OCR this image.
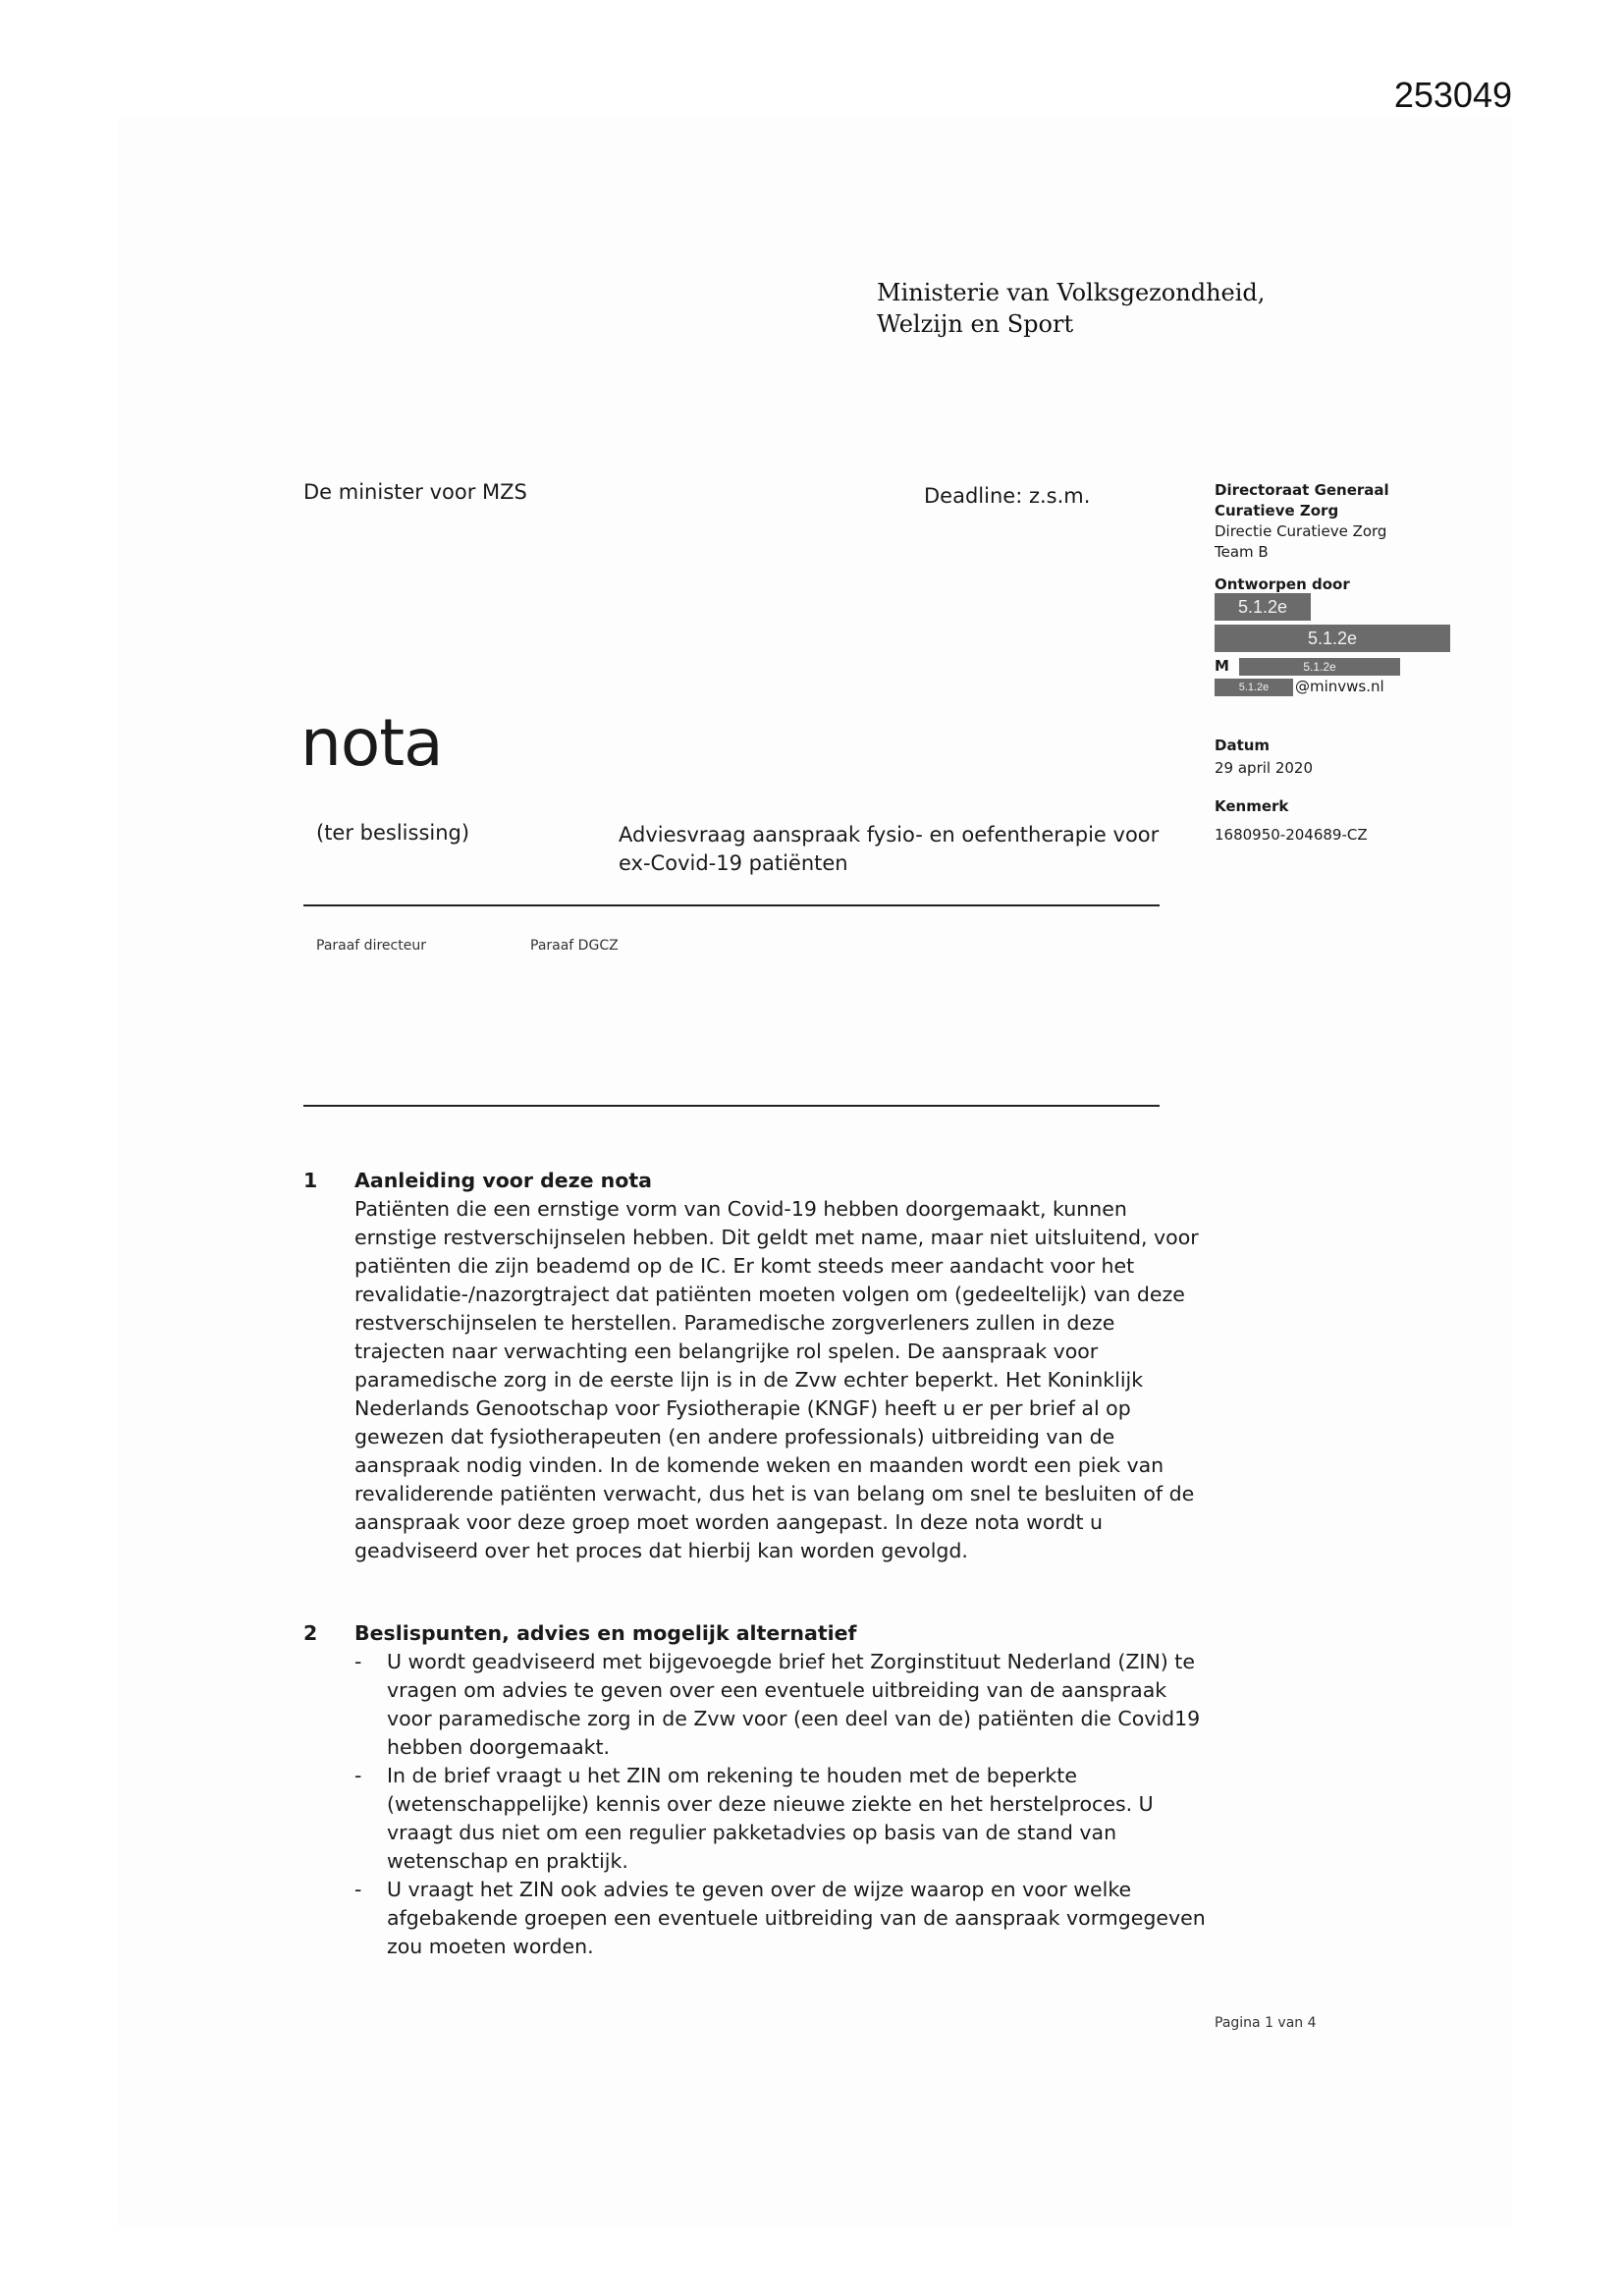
253049
Ministerie van Volksgezondheid,
Welzijn en Sport
De minister voor MZS	Deadline: z.s.m.	Directoraat Generaal
Curatieve Zorg
Directie Curatieve Zorg
Team B
Ontworpen door
5.1.2e
5.1.2e
M	5.1.2e
5.1.2e	@minvws.nl
Datum
29 april 2020
Kenmerk
1680950-204689-CZ
nota
(ter beslissing)	Adviesvraag aanspraak fysio- en oefentherapie voor ex-Covid-19 patiënten
Paraaf directeur	Paraaf DGCZ
1 Aanleiding voor deze nota
Patiënten die een ernstige vorm van Covid-19 hebben doorgemaakt, kunnen ernstige restverschijnselen hebben. Dit geldt met name, maar niet uitsluitend, voor patiënten die zijn beademd op de IC. Er komt steeds meer aandacht voor het revalidatie-/nazorgtraject dat patiënten moeten volgen om (gedeeltelijk) van deze restverschijnselen te herstellen. Paramedische zorgverleners zullen in deze trajecten naar verwachting een belangrijke rol spelen. De aanspraak voor paramedische zorg in de eerste lijn is in de Zvw echter beperkt. Het Koninklijk Nederlands Genootschap voor Fysiotherapie (KNGF) heeft u er per brief al op gewezen dat fysiotherapeuten (en andere professionals) uitbreiding van de aanspraak nodig vinden. In de komende weken en maanden wordt een piek van revaliderende patiënten verwacht, dus het is van belang om snel te besluiten of de aanspraak voor deze groep moet worden aangepast. In deze nota wordt u geadviseerd over het proces dat hierbij kan worden gevolgd.
2 Beslispunten, advies en mogelijk alternatief
- U wordt geadviseerd met bijgevoegde brief het Zorginstituut Nederland (ZIN) te vragen om advies te geven over een eventuele uitbreiding van de aanspraak voor paramedische zorg in de Zvw voor (een deel van de) patiënten die Covid19 hebben doorgemaakt.
- In de brief vraagt u het ZIN om rekening te houden met de beperkte (wetenschappelijke) kennis over deze nieuwe ziekte en het herstelproces. U vraagt dus niet om een regulier pakketadvies op basis van de stand van wetenschap en praktijk.
- U vraagt het ZIN ook advies te geven over de wijze waarop en voor welke afgebakende groepen een eventuele uitbreiding van de aanspraak vormgegeven zou moeten worden.
Pagina 1 van 4
